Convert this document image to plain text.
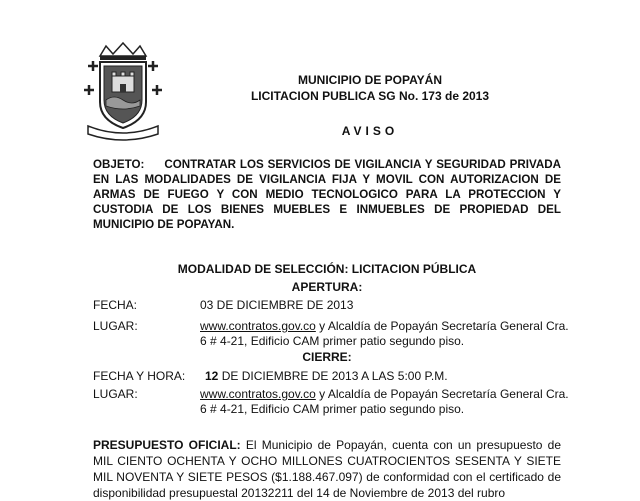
MUNICIPIO DE POPAYÁN
LICITACION PUBLICA SG No. 173 de 2013
AVISO
OBJETO: CONTRATAR LOS SERVICIOS DE VIGILANCIA Y SEGURIDAD PRIVADA EN LAS MODALIDADES DE VIGILANCIA FIJA Y MOVIL CON AUTORIZACION DE ARMAS DE FUEGO Y CON MEDIO TECNOLOGICO PARA LA PROTECCION Y CUSTODIA DE LOS BIENES MUEBLES E INMUEBLES DE PROPIEDAD DEL MUNICIPIO DE POPAYAN.
MODALIDAD DE SELECCIÓN: LICITACION PÚBLICA
APERTURA:
FECHA:	03 DE DICIEMBRE DE 2013
LUGAR:	www.contratos.gov.co y Alcaldía de Popayán Secretaría General Cra. 6 # 4-21, Edificio CAM primer patio segundo piso.
CIERRE:
FECHA Y HORA: 12 DE DICIEMBRE DE 2013 A LAS 5:00 P.M.
LUGAR:	www.contratos.gov.co y Alcaldía de Popayán Secretaría General Cra. 6 # 4-21, Edificio CAM primer patio segundo piso.
PRESUPUESTO OFICIAL: El Municipio de Popayán, cuenta con un presupuesto de MIL CIENTO OCHENTA Y OCHO MILLONES CUATROCIENTOS SESENTA Y SIETE MIL NOVENTA Y SIETE PESOS ($1.188.467.097) de conformidad con el certificado de disponibilidad presupuestal 20132211 del 14 de Noviembre de 2013 del rubro
